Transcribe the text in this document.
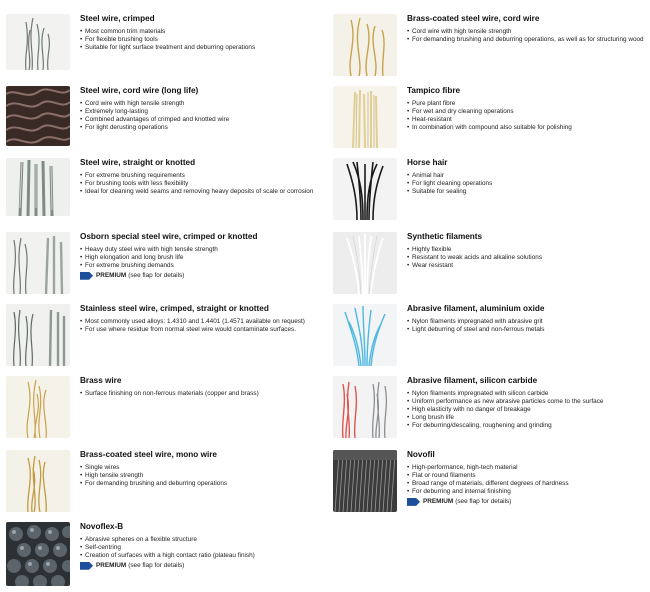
Steel wire, crimped
• Most common trim materials
• For flexible brushing tools
• Suitable for light surface treatment and deburring operations
Steel wire, cord wire (long life)
• Cord wire with high tensile strength
• Extremely long-lasting
• Combined advantages of crimped and knotted wire
• For light derusting operations
Steel wire, straight or knotted
• For extreme brushing requirements
• For brushing tools with less flexibility
• Ideal for cleaning weld seams and removing heavy deposits of scale or corrosion
Osborn special steel wire, crimped or knotted
• Heavy duty steel wire with high tensile strength
• High elongation and long brush life
• For extreme brushing demands
PREMIUM (see flap for details)
Stainless steel wire, crimped, straight or knotted
• Most commonly used alloys: 1.4310 and 1.4401 (1.4571 available on request)
• For use where residue from normal steel wire would contaminate surfaces.
Brass wire
• Surface finishing on non-ferrous materials (copper and brass)
Brass-coated steel wire, mono wire
• Single wires
• High tensile strength
• For demanding brushing and deburring operations
Novoflex-B
• Abrasive spheres on a flexible structure
• Self-centring
• Creation of surfaces with a high contact ratio (plateau finish)
PREMIUM (see flap for details)
Brass-coated steel wire, cord wire
• Cord wire with high tensile strength
• For demanding brushing and deburring operations, as well as for structuring wood
Tampico fibre
• Pure plant fibre
• For wet and dry cleaning operations
• Heat-resistant
• In combination with compound also suitable for polishing
Horse hair
• Animal hair
• For light cleaning operations
• Suitable for sealing
Synthetic filaments
• Highly flexible
• Resistant to weak acids and alkaline solutions
• Wear resistant
Abrasive filament, aluminium oxide
• Nylon filaments impregnated with abrasive grit
• Light deburring of steel and non-ferrous metals
Abrasive filament, silicon carbide
• Nylon filaments impregnated with silicon carbide
• Uniform performance as new abrasive particles come to the surface
• High elasticity with no danger of breakage
• Long brush life
• For deburring/descaling, roughening and grinding
Novofil
• High-performance, high-tech material
• Flat or round filaments
• Broad range of materials, different degrees of hardness
• For deburring and internal finishing
PREMIUM (see flap for details)
